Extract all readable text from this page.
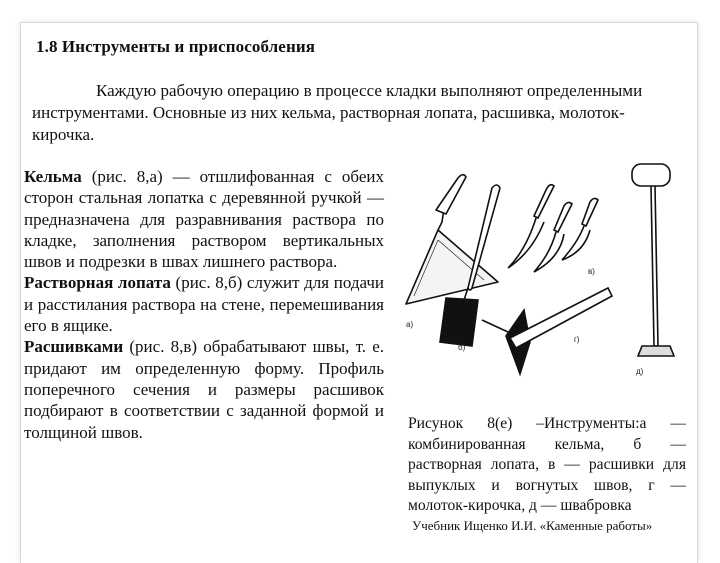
1.8 Инструменты и приспособления
Каждую рабочую операцию в процессе кладки выполняют определенными инструментами. Основные из них кельма, растворная лопата, расшивка, молоток-кирочка.

Кельма (рис. 8,а) — отшлифованная с обеих сторон стальная лопатка с деревянной ручкой — предназначена для разравнивания раствора по кладке, заполнения раствором вертикальных швов и подрезки в швах лишнего раствора.

Растворная лопата (рис. 8,б) служит для подачи и расстилания раствора на стене, перемешивания его в ящике.

Расшивками (рис. 8,в) обрабатывают швы, т. е. придают им определенную форму. Профиль поперечного сечения и размеры расшивок подбирают в соответствии с заданной формой и толщиной швов.

а)
б)
в)
г)
д)
Рисунок 8(е) –Инструменты:а — комбинированная кельма, б — растворная лопата, в — расшивки для выпуклых и вогнутых швов, г — молоток-кирочка, д — швабровка
Учебник Ищенко И.И. «Каменные работы»
